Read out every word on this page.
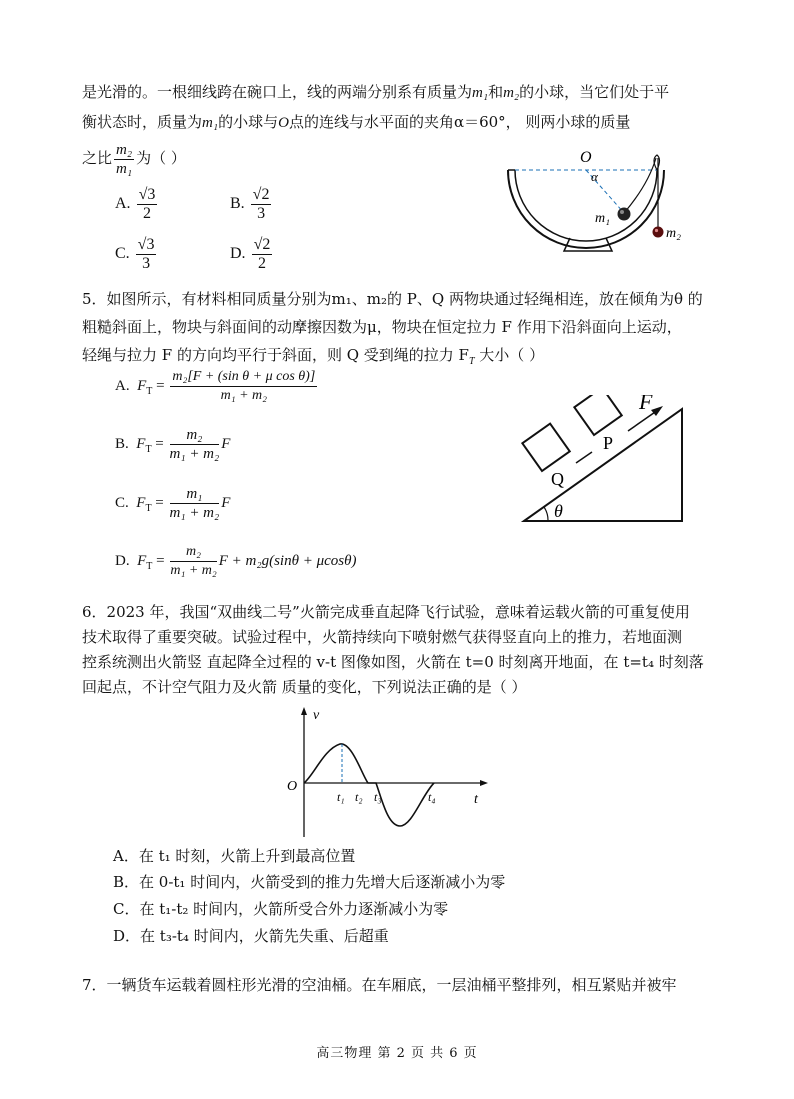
是光滑的。一根细线跨在碗口上，线的两端分别系有质量为m₁和m₂的小球，当它们处于平
衡状态时，质量为m₁的小球与O点的连线与水平面的夹角α＝60°， 则两小球的质量
之比 $\frac{\text{m₂}}{\text{m₁}}$ 为（ ）
A. $\frac{√3}{2}$	B. $\frac{√2}{3}$
C. $\frac{√3}{3}$	D. $\frac{√2}{2}$
O
α
m₁
m₂
5．如图所示，有材料相同质量分别为m₁、m₂的 P、Q 两物块通过轻绳相连，放在倾角为θ 的
粗糙斜面上，物块与斜面间的动摩擦因数为μ，物块在恒定拉力 F 作用下沿斜面向上运动，
轻绳与拉力 F 的方向均平行于斜面，则 Q 受到绳的拉力 $F_T$ 大小（ ）
A. $F_T = \frac{\text{m₂[F + (sin θ + μ cos θ)]}}{\text{m₁ + m₂}}$
B. $F_T = \frac{\text{m₂}}{\text{m₁ + m₂}}$ F
C. $F_T = \frac{\text{m₁}}{\text{m₁ + m₂}}$ F
D. $F_T = \frac{\text{m₂}}{\text{m₁ + m₂}}$ F + m₂g(sinθ + μcosθ)
F
P
Q
θ
6．2023 年，我国“双曲线二号”火箭完成垂直起降飞行试验，意味着运载火箭的可重复使用
技术取得了重要突破。试验过程中，火箭持续向下喷射燃气获得竖直向上的推力，若地面测
控系统测出火箭竖 直起降全过程的 v-t 图像如图，火箭在 t=0 时刻离开地面，在 t=t₄ 时刻落
回起点，不计空气阻力及火箭 质量的变化，下列说法正确的是（ ）
v
O
t
t₁ t₂ t₃	t₄
A．在 t₁ 时刻，火箭上升到最高位置
B．在 0-t₁ 时间内，火箭受到的推力先增大后逐渐减小为零
C．在 t₁-t₂ 时间内，火箭所受合外力逐渐减小为零
D．在 t₃-t₄ 时间内，火箭先失重、后超重
7．一辆货车运载着圆柱形光滑的空油桶。在车厢底，一层油桶平整排列，相互紧贴并被牢
高三物理 第 2 页 共 6 页
